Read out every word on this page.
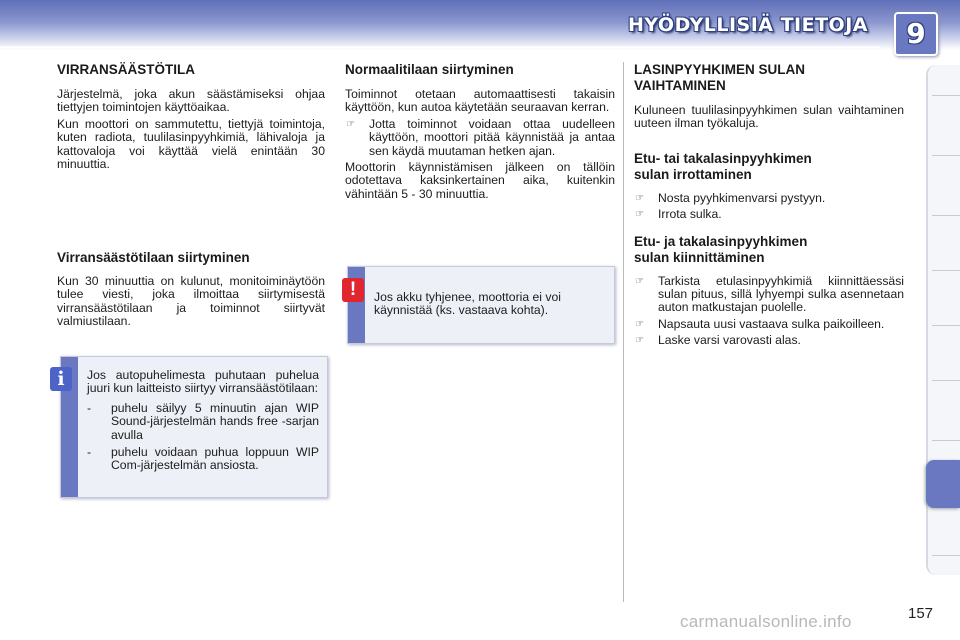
HYÖDYLLISIÄ TIETOJA	9
VIRRANSÄÄSTÖTILA

Järjestelmä, joka akun säästämiseksi ohjaa tiettyjen toimintojen käyttöaikaa.

Kun moottori on sammutettu, tiettyjä toimintoja, kuten radiota, tuulilasinpyyhkimiä, lähivaloja ja kattovaloja voi käyttää vielä enintään 30 minuuttia.

Virransäästötilaan siirtyminen

Kun 30 minuuttia on kulunut, monitoiminäytöön tulee viesti, joka ilmoittaa siirtymisestä virransäästötilaan ja toiminnot siirtyvät valmiustilaan.

Jos autopuhelimesta puhutaan puhelua juuri kun laitteisto siirtyy virransäästötilaan:

- puhelu säilyy 5 minuutin ajan WIP Sound-järjestelmän hands free -sarjan avulla
- puhelu voidaan puhua loppuun WIP Com-järjestelmän ansiosta.
i
Normaalitilaan siirtyminen

Toiminnot otetaan automaattisesti takaisin käyttöön, kun autoa käytetään seuraavan kerran.

☞ Jotta toiminnot voidaan ottaa uudelleen käyttöön, moottori pitää käynnistää ja antaa sen käydä muutaman hetken ajan.

Moottorin käynnistämisen jälkeen on tällöin odotettava kaksinkertainen aika, kuitenkin vähintään 5 - 30 minuuttia.

Jos akku tyhjenee, moottoria ei voi käynnistää (ks. vastaava kohta).

!
LASINPYYHKIMEN SULAN
VAIHTAMINEN

Kuluneen tuulilasinpyyhkimen sulan vaihtaminen uuteen ilman työkaluja.

Etu- tai takalasinpyyhkimen
sulan irrottaminen
☞ Nosta pyyhkimenvarsi pystyyn.
☞ Irrota sulka.
Etu- ja takalasinpyyhkimen
sulan kiinnittäminen
☞ Tarkista etulasinpyyhkimiä kiinnittäessäsi sulan pituus, sillä lyhyempi sulka asennetaan auton matkustajan puolelle.
☞ Napsauta uusi vastaava sulka paikoilleen.
☞ Laske varsi varovasti alas.
157
carmanualsonline.info
